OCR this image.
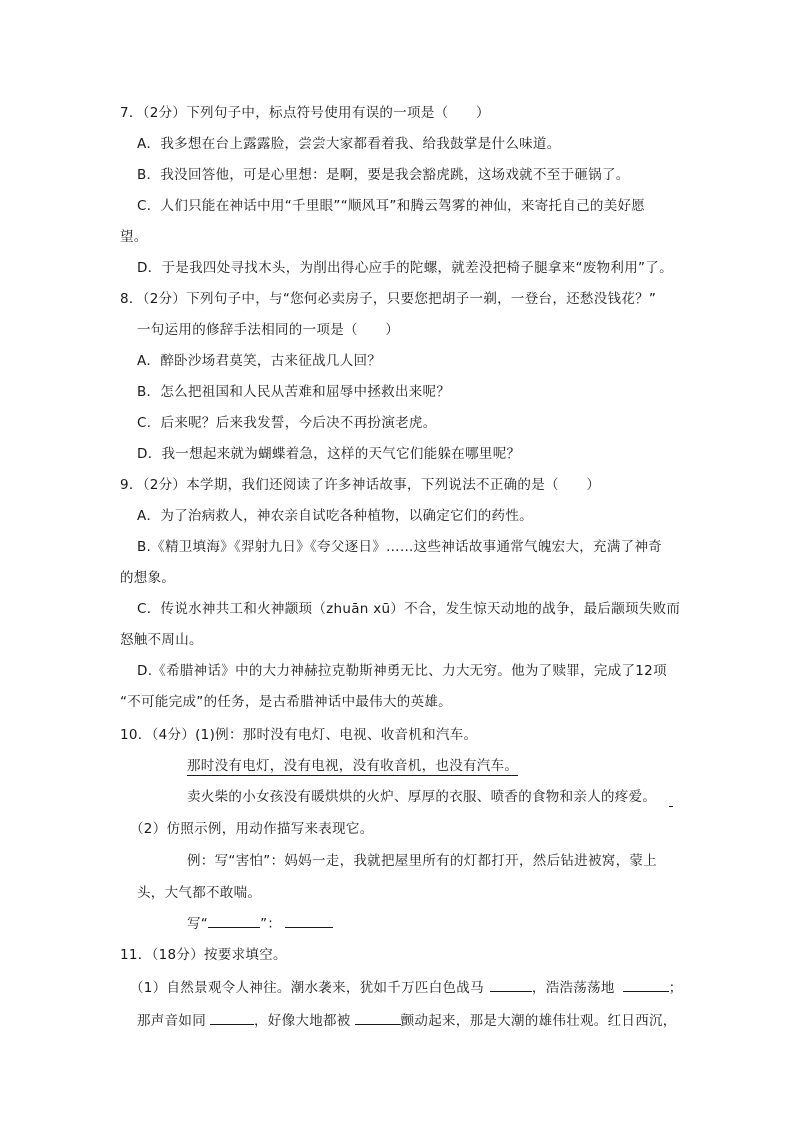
7．（2分）下列句子中，标点符号使用有误的一项是（　　）
A．我多想在台上露露脸，尝尝大家都看着我、给我鼓掌是什么味道。
B．我没回答他，可是心里想：是啊，要是我会豁虎跳，这场戏就不至于砸锅了。
C．人们只能在神话中用“千里眼”“顺风耳”和腾云驾雾的神仙，来寄托自己的美好愿
望。
D．于是我四处寻找木头，为削出得心应手的陀螺，就差没把椅子腿拿来“废物利用”了。
8．（2分）下列句子中，与“您何必卖房子，只要您把胡子一剃，一登台，还愁没钱花？”
一句运用的修辞手法相同的一项是（　　）
A．醉卧沙场君莫笑，古来征战几人回？
B．怎么把祖国和人民从苦难和屈辱中拯救出来呢？
C．后来呢？后来我发誓，今后决不再扮演老虎。
D．我一想起来就为蝴蝶着急，这样的天气它们能躲在哪里呢？
9．（2分）本学期，我们还阅读了许多神话故事，下列说法不正确的是（　　）
A．为了治病救人，神农亲自试吃各种植物，以确定它们的药性。
B.《精卫填海》《羿射九日》《夸父逐日》……这些神话故事通常气魄宏大，充满了神奇
的想象。
C．传说水神共工和火神颛顼（zhuān xū）不合，发生惊天动地的战争，最后颛顼失败而
怒触不周山。
D.《希腊神话》中的大力神赫拉克勒斯神勇无比、力大无穷。他为了赎罪，完成了12项
“不可能完成”的任务，是古希腊神话中最伟大的英雄。
10．（4分）(1)例：那时没有电灯、电视、收音机和汽车。
那时没有电灯，没有电视，没有收音机，也没有汽车。
卖火柴的小女孩没有暖烘烘的火炉、厚厚的衣服、喷香的食物和亲人的疼爱。
（2）仿照示例，用动作描写来表现它。
例：写“害怕”：妈妈一走，我就把屋里所有的灯都打开，然后钻进被窝，蒙上
头，大气都不敢喘。
写“	”：
11．（18分）按要求填空。
（1）自然景观令人神往。潮水袭来，犹如千万匹白色战马	，浩浩荡荡地	；
那声音如同	，好像大地都被	颤动起来，那是大潮的雄伟壮观。红日西沉，
